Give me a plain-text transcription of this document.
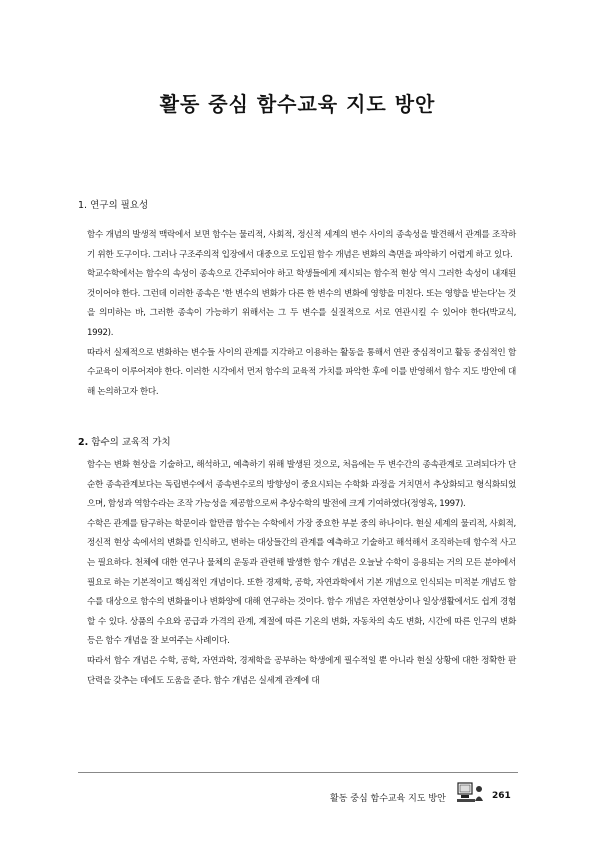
활동 중심 함수교육 지도 방안
1. 연구의 필요성

함수 개념의 발생적 맥락에서 보면 함수는 물리적, 사회적, 정신적 세계의 변수 사이의 종속성을 발견해서 관계를 조작하기 위한 도구이다. 그러나 구조주의적 입장에서 대중으로 도입된 함수 개념은 변화의 측면을 파악하기 어렵게 하고 있다.

학교수학에서는 함수의 속성이 종속으로 간주되어야 하고 학생들에게 제시되는 함수적 현상 역시 그러한 속성이 내재된 것이어야 한다. 그런데 이러한 종속은 '한 변수의 변화가 다른 한 변수의 변화에 영향을 미친다. 또는 영향을 받는다'는 것을 의미하는 바, 그러한 종속이 가능하기 위해서는 그 두 변수를 실질적으로 서로 연관시킬 수 있어야 한다(박교식, 1992).

따라서 실제적으로 변화하는 변수들 사이의 관계를 지각하고 이용하는 활동을 통해서 연관 중심적이고 활동 중심적인 함수교육이 이루어져야 한다. 이러한 시각에서 먼저 함수의 교육적 가치를 파악한 후에 이를 반영해서 함수 지도 방안에 대해 논의하고자 한다.

2. 함수의 교육적 가치

함수는 변화 현상을 기술하고, 해석하고, 예측하기 위해 발생된 것으로, 처음에는 두 변수간의 종속관계로 고려되다가 단순한 종속관계보다는 독립변수에서 종속변수로의 방향성이 중요시되는 수학화 과정을 거치면서 추상화되고 형식화되었으며, 함성과 역함수라는 조작 가능성을 제공함으로써 추상수학의 발전에 크게 기여하였다(정영옥, 1997).

수학은 관계를 탐구하는 학문이라 할만큼 함수는 수학에서 가장 중요한 부분 중의 하나이다. 현실 세계의 물리적, 사회적, 정신적 현상 속에서의 변화를 인식하고, 변하는 대상들간의 관계를 예측하고 기술하고 해석해서 조직하는데 함수적 사고는 필요하다. 천체에 대한 연구나 물체의 운동과 관련해 발생한 함수 개념은 오늘날 수학이 응용되는 거의 모든 분야에서 필요로 하는 기본적이고 핵심적인 개념이다. 또한 경제학, 공학, 자연과학에서 기본 개념으로 인식되는 미적분 개념도 함수를 대상으로 함수의 변화율이나 변화양에 대해 연구하는 것이다. 함수 개념은 자연현상이나 일상생활에서도 쉽게 경험할 수 있다. 상품의 수요와 공급과 가격의 관계, 계절에 따른 기온의 변화, 자동차의 속도 변화, 시간에 따른 인구의 변화 등은 함수 개념을 잘 보여주는 사례이다.

따라서 함수 개념은 수학, 공학, 자연과학, 경제학을 공부하는 학생에게 필수적일 뿐 아니라 현실 상황에 대한 정확한 판단력을 갖추는 데에도 도움을 준다. 함수 개념은 실세계 관계에 대

활동 중심 함수교육 지도 방안	261
